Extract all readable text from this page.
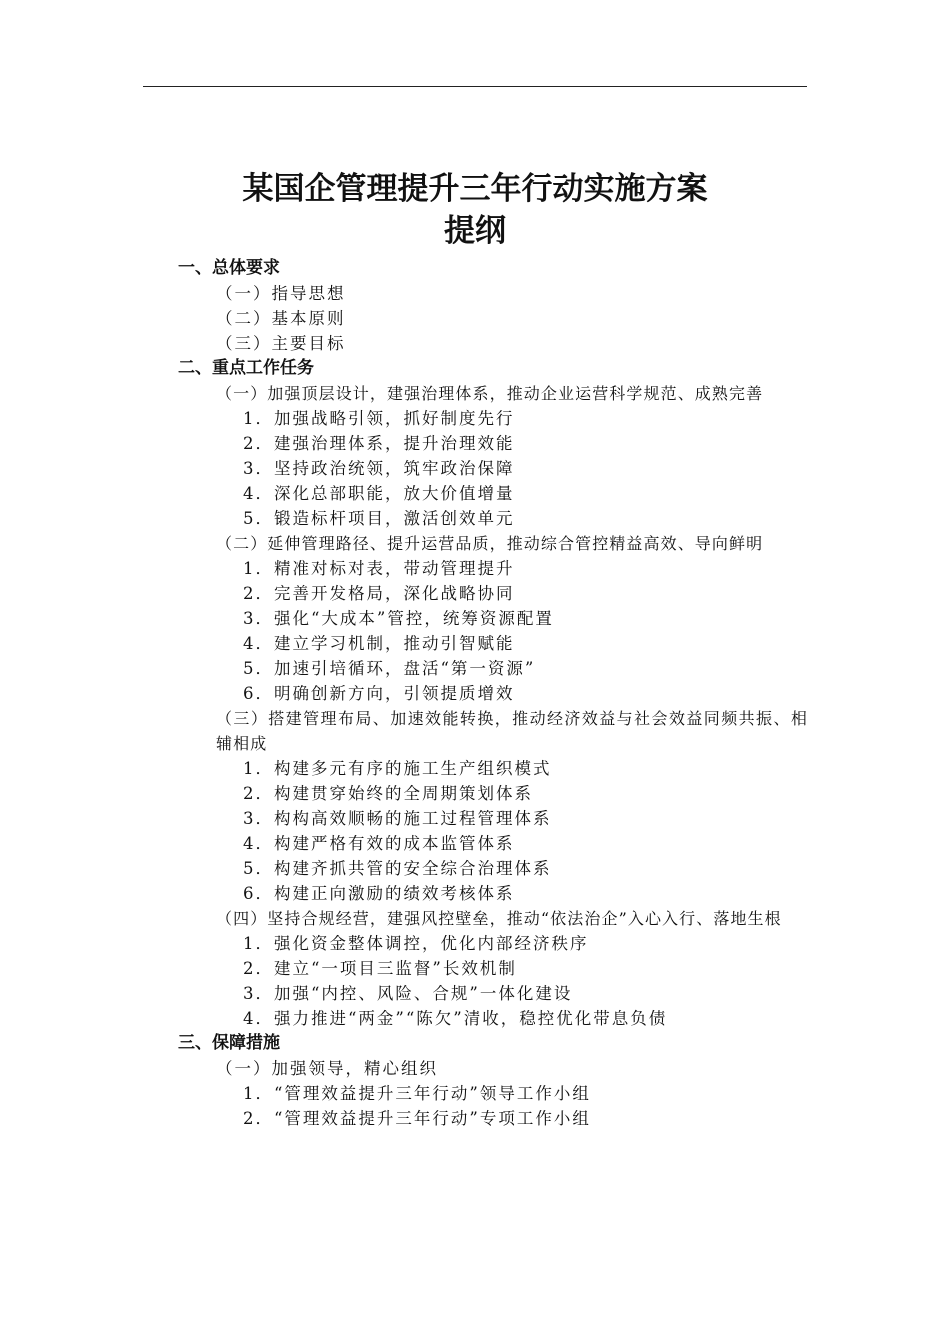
某国企管理提升三年行动实施方案
提纲
一、总体要求
（一）指导思想
（二）基本原则
（三）主要目标
二、重点工作任务
（一）加强顶层设计，建强治理体系，推动企业运营科学规范、成熟完善
1．加强战略引领，抓好制度先行
2．建强治理体系，提升治理效能
3．坚持政治统领，筑牢政治保障
4．深化总部职能，放大价值增量
5．锻造标杆项目，激活创效单元
（二）延伸管理路径、提升运营品质，推动综合管控精益高效、导向鲜明
1．精准对标对表，带动管理提升
2．完善开发格局，深化战略协同
3．强化“大成本”管控，统筹资源配置
4．建立学习机制，推动引智赋能
5．加速引培循环，盘活“第一资源”
6．明确创新方向，引领提质增效
（三）搭建管理布局、加速效能转换，推动经济效益与社会效益同频共振、相辅相成
1．构建多元有序的施工生产组织模式
2．构建贯穿始终的全周期策划体系
3．构构高效顺畅的施工过程管理体系
4．构建严格有效的成本监管体系
5．构建齐抓共管的安全综合治理体系
6．构建正向激励的绩效考核体系
（四）坚持合规经营，建强风控壁垒，推动“依法治企”入心入行、落地生根
1．强化资金整体调控，优化内部经济秩序
2．建立“一项目三监督”长效机制
3．加强“内控、风险、合规”一体化建设
4．强力推进“两金”“陈欠”清收，稳控优化带息负债
三、保障措施
（一）加强领导，精心组织
1．“管理效益提升三年行动”领导工作小组
2．“管理效益提升三年行动”专项工作小组
